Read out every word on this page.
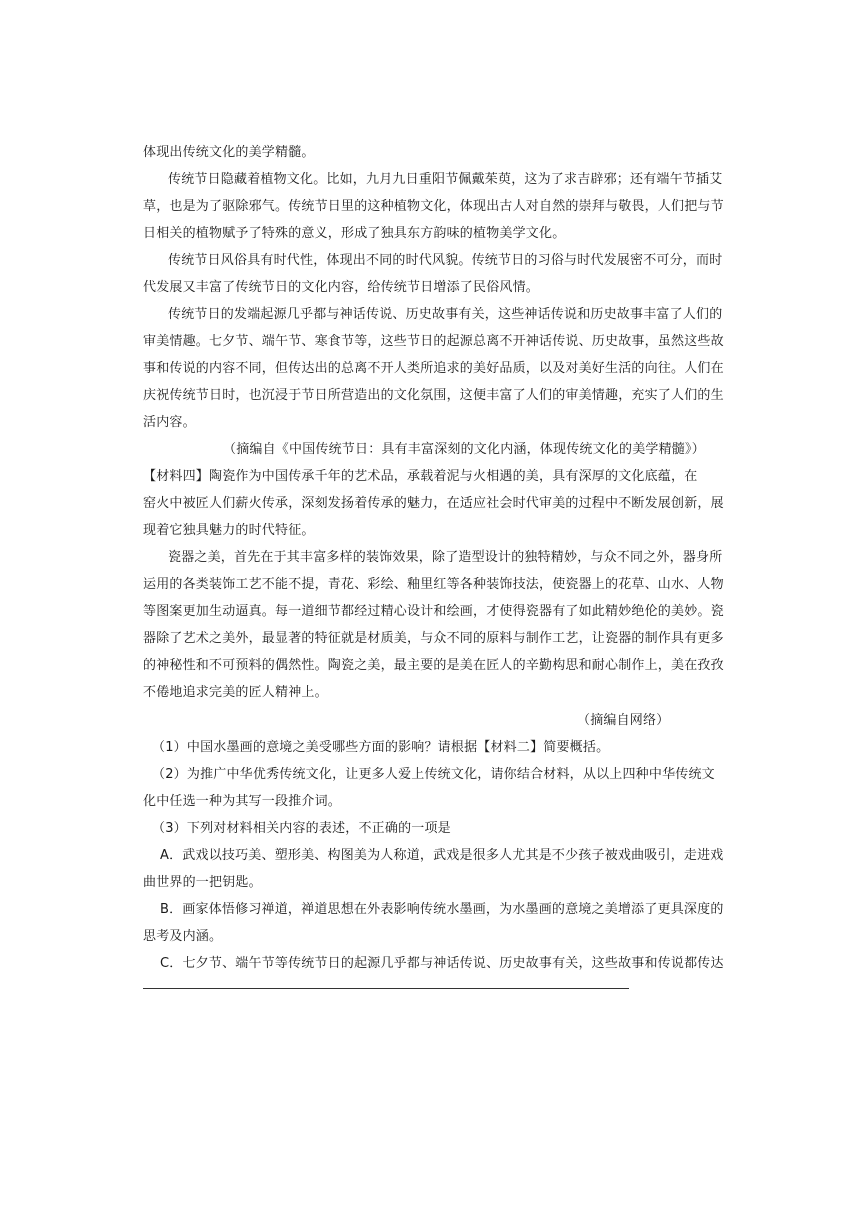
体现出传统文化的美学精髓。
传统节日隐藏着植物文化。比如，九月九日重阳节佩戴茱萸，这为了求吉辟邪；还有端午节插艾
草，也是为了驱除邪气。传统节日里的这种植物文化，体现出古人对自然的崇拜与敬畏，人们把与节
日相关的植物赋予了特殊的意义，形成了独具东方韵味的植物美学文化。
传统节日风俗具有时代性，体现出不同的时代风貌。传统节日的习俗与时代发展密不可分，而时
代发展又丰富了传统节日的文化内容，给传统节日增添了民俗风情。
传统节日的发端起源几乎都与神话传说、历史故事有关，这些神话传说和历史故事丰富了人们的
审美情趣。七夕节、端午节、寒食节等，这些节日的起源总离不开神话传说、历史故事，虽然这些故
事和传说的内容不同，但传达出的总离不开人类所追求的美好品质，以及对美好生活的向往。人们在
庆祝传统节日时，也沉浸于节日所营造出的文化氛围，这便丰富了人们的审美情趣，充实了人们的生
活内容。
（摘编自《中国传统节日：具有丰富深刻的文化内涵，体现传统文化的美学精髓》）
【材料四】陶瓷作为中国传承千年的艺术品，承载着泥与火相遇的美，具有深厚的文化底蕴，在
窑火中被匠人们薪火传承，深刻发扬着传承的魅力，在适应社会时代审美的过程中不断发展创新，展
现着它独具魅力的时代特征。
瓷器之美，首先在于其丰富多样的装饰效果，除了造型设计的独特精妙，与众不同之外，器身所
运用的各类装饰工艺不能不提，青花、彩绘、釉里红等各种装饰技法，使瓷器上的花草、山水、人物
等图案更加生动逼真。每一道细节都经过精心设计和绘画，才使得瓷器有了如此精妙绝伦的美妙。瓷
器除了艺术之美外，最显著的特征就是材质美，与众不同的原料与制作工艺，让瓷器的制作具有更多
的神秘性和不可预料的偶然性。陶瓷之美，最主要的是美在匠人的辛勤构思和耐心制作上，美在孜孜
不倦地追求完美的匠人精神上。
（摘编自网络）
（1）中国水墨画的意境之美受哪些方面的影响？请根据【材料二】简要概括。
（2）为推广中华优秀传统文化，让更多人爱上传统文化，请你结合材料，从以上四种中华传统文
化中任选一种为其写一段推介词。
（3）下列对材料相关内容的表述，不正确的一项是
A．武戏以技巧美、塑形美、构图美为人称道，武戏是很多人尤其是不少孩子被戏曲吸引，走进戏
曲世界的一把钥匙。
B．画家体悟修习禅道，禅道思想在外表影响传统水墨画，为水墨画的意境之美增添了更具深度的
思考及内涵。
C．七夕节、端午节等传统节日的起源几乎都与神话传说、历史故事有关，这些故事和传说都传达
